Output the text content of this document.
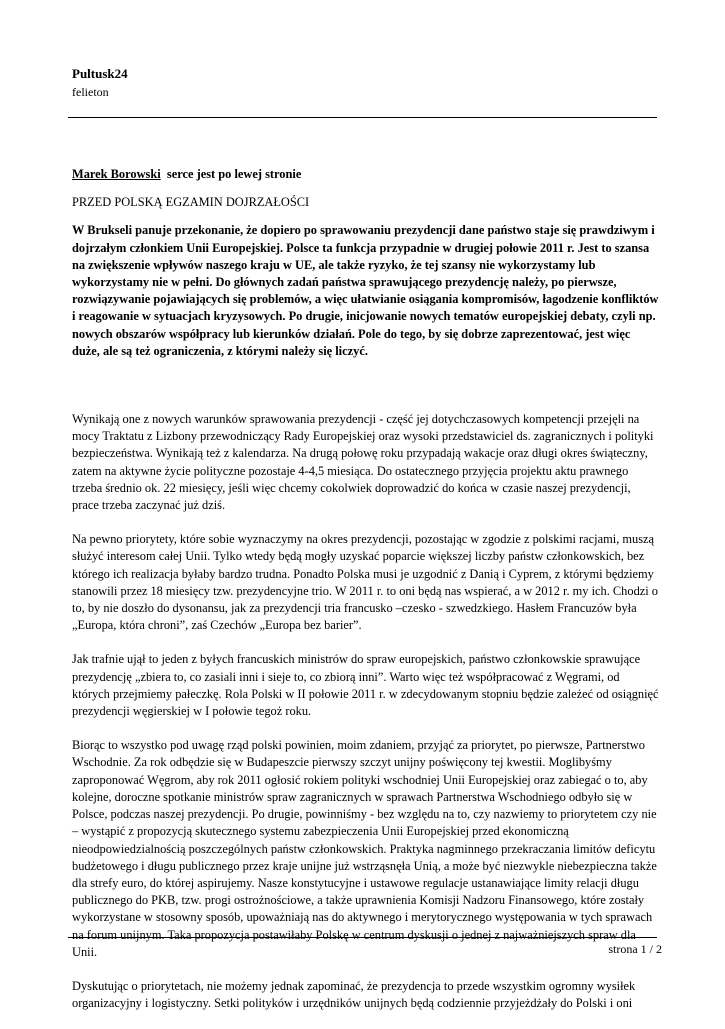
Pultusk24
felieton

Marek Borowski serce jest po lewej stronie

PRZED POLSKĄ EGZAMIN DOJRZAŁOŚCI

W Brukseli panuje przekonanie, że dopiero po sprawowaniu prezydencji dane państwo staje się prawdziwym i dojrzałym członkiem Unii Europejskiej. Polsce ta funkcja przypadnie w drugiej połowie 2011 r. Jest to szansa na zwiększenie wpływów naszego kraju w UE, ale także ryzyko, że tej szansy nie wykorzystamy lub wykorzystamy nie w pełni. Do głównych zadań państwa sprawującego prezydencję należy, po pierwsze, rozwiązywanie pojawiających się problemów, a więc ułatwianie osiągania kompromisów, łagodzenie konfliktów i reagowanie w sytuacjach kryzysowych. Po drugie, inicjowanie nowych tematów europejskiej debaty, czyli np. nowych obszarów współpracy lub kierunków działań. Pole do tego, by się dobrze zaprezentować, jest więc duże, ale są też ograniczenia, z którymi należy się liczyć.

Wynikają one z nowych warunków sprawowania prezydencji - część jej dotychczasowych kompetencji przejęli na mocy Traktatu z Lizbony przewodniczący Rady Europejskiej oraz wysoki przedstawiciel ds. zagranicznych i polityki bezpieczeństwa. Wynikają też z kalendarza. Na drugą połowę roku przypadają wakacje oraz długi okres świąteczny, zatem na aktywne życie polityczne pozostaje 4-4,5 miesiąca. Do ostatecznego przyjęcia projektu aktu prawnego trzeba średnio ok. 22 miesięcy, jeśli więc chcemy cokolwiek doprowadzić do końca w czasie naszej prezydencji, prace trzeba zaczynać już dziś.

Na pewno priorytety, które sobie wyznaczymy na okres prezydencji, pozostając w zgodzie z polskimi racjami, muszą służyć interesom całej Unii. Tylko wtedy będą mogły uzyskać poparcie większej liczby państw członkowskich, bez którego ich realizacja byłaby bardzo trudna. Ponadto Polska musi je uzgodnić z Danią i Cyprem, z którymi będziemy stanowili przez 18 miesięcy tzw. prezydencyjne trio. W 2011 r. to oni będą nas wspierać, a w 2012 r. my ich. Chodzi o to, by nie doszło do dysonansu, jak za prezydencji tria francusko –czesko - szwedzkiego. Hasłem Francuzów była „Europa, która chroni”, zaś Czechów „Europa bez barier”.

Jak trafnie ujął to jeden z byłych francuskich ministrów do spraw europejskich, państwo członkowskie sprawujące prezydencję „zbiera to, co zasiali inni i sieje to, co zbiorą inni”. Warto więc też współpracować z Węgrami, od których przejmiemy pałeczkę. Rola Polski w II połowie 2011 r. w zdecydowanym stopniu będzie zależeć od osiągnięć prezydencji węgierskiej w I połowie tegoż roku.

Biorąc to wszystko pod uwagę rząd polski powinien, moim zdaniem, przyjąć za priorytet, po pierwsze, Partnerstwo Wschodnie. Za rok odbędzie się w Budapeszcie pierwszy szczyt unijny poświęcony tej kwestii. Moglibyśmy zaproponować Węgrom, aby rok 2011 ogłosić rokiem polityki wschodniej Unii Europejskiej oraz zabiegać o to, aby kolejne, doroczne spotkanie ministrów spraw zagranicznych w sprawach Partnerstwa Wschodniego odbyło się w Polsce, podczas naszej prezydencji. Po drugie, powinniśmy - bez względu na to, czy nazwiemy to priorytetem czy nie – wystąpić z propozycją skutecznego systemu zabezpieczenia Unii Europejskiej przed ekonomiczną nieodpowiedzialnością poszczególnych państw członkowskich. Praktyka nagminnego przekraczania limitów deficytu budżetowego i długu publicznego przez kraje unijne już wstrząsnęła Unią, a może być niezwykle niebezpieczna także dla strefy euro, do której aspirujemy. Nasze konstytucyjne i ustawowe regulacje ustanawiające limity relacji długu publicznego do PKB, tzw. progi ostrożnościowe, a także uprawnienia Komisji Nadzoru Finansowego, które zostały wykorzystane w stosowny sposób, upoważniają nas do aktywnego i merytorycznego występowania w tych sprawach na forum unijnym. Taka propozycja postawiłaby Polskę w centrum dyskusji o jednej z najważniejszych spraw dla Unii.

Dyskutując o priorytetach, nie możemy jednak zapominać, że prezydencja to przede wszystkim ogromny wysiłek organizacyjny i logistyczny. Setki polityków i urzędników unijnych będą codziennie przyjeżdżały do Polski i oni

strona 1 / 2
